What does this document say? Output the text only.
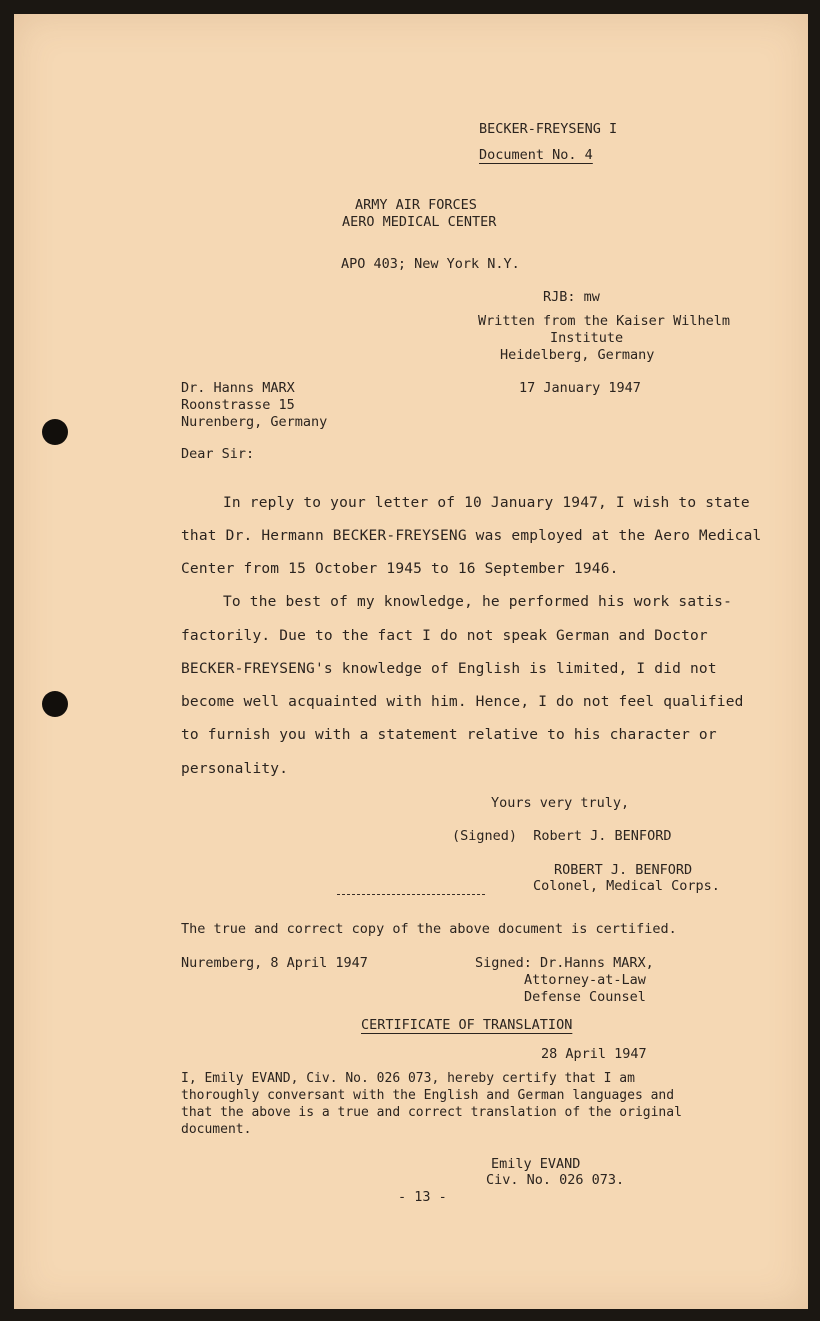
BECKER-FREYSENG I
Document No. 4
ARMY AIR FORCES
AERO MEDICAL CENTER
APO 403; New York N.Y.
RJB: mw
Written from the Kaiser Wilhelm
Institute
Heidelberg, Germany
17 January 1947
Dr. Hanns MARX
Roonstrasse 15
Nurenberg, Germany
Dear Sir:
In reply to your letter of 10 January 1947, I wish to state
that Dr. Hermann BECKER-FREYSENG was employed at the Aero Medical
Center from 15 October 1945 to 16 September 1946.
To the best of my knowledge, he performed his work satis-
factorily. Due to the fact I do not speak German and Doctor
BECKER-FREYSENG's knowledge of English is limited, I did not
become well acquainted with him. Hence, I do not feel qualified
to furnish you with a statement relative to his character or
personality.
Yours very truly,
(Signed)  Robert J. BENFORD
ROBERT J. BENFORD
Colonel, Medical Corps.
The true and correct copy of the above document is certified.
Nuremberg, 8 April 1947	Signed: Dr.Hanns MARX,
Attorney-at-Law
Defense Counsel
CERTIFICATE OF TRANSLATION
28 April 1947
I, Emily EVAND, Civ. No. 026 073, hereby certify that I am
thoroughly conversant with the English and German languages and
that the above is a true and correct translation of the original
document.
Emily EVAND
Civ. No. 026 073.
- 13 -
